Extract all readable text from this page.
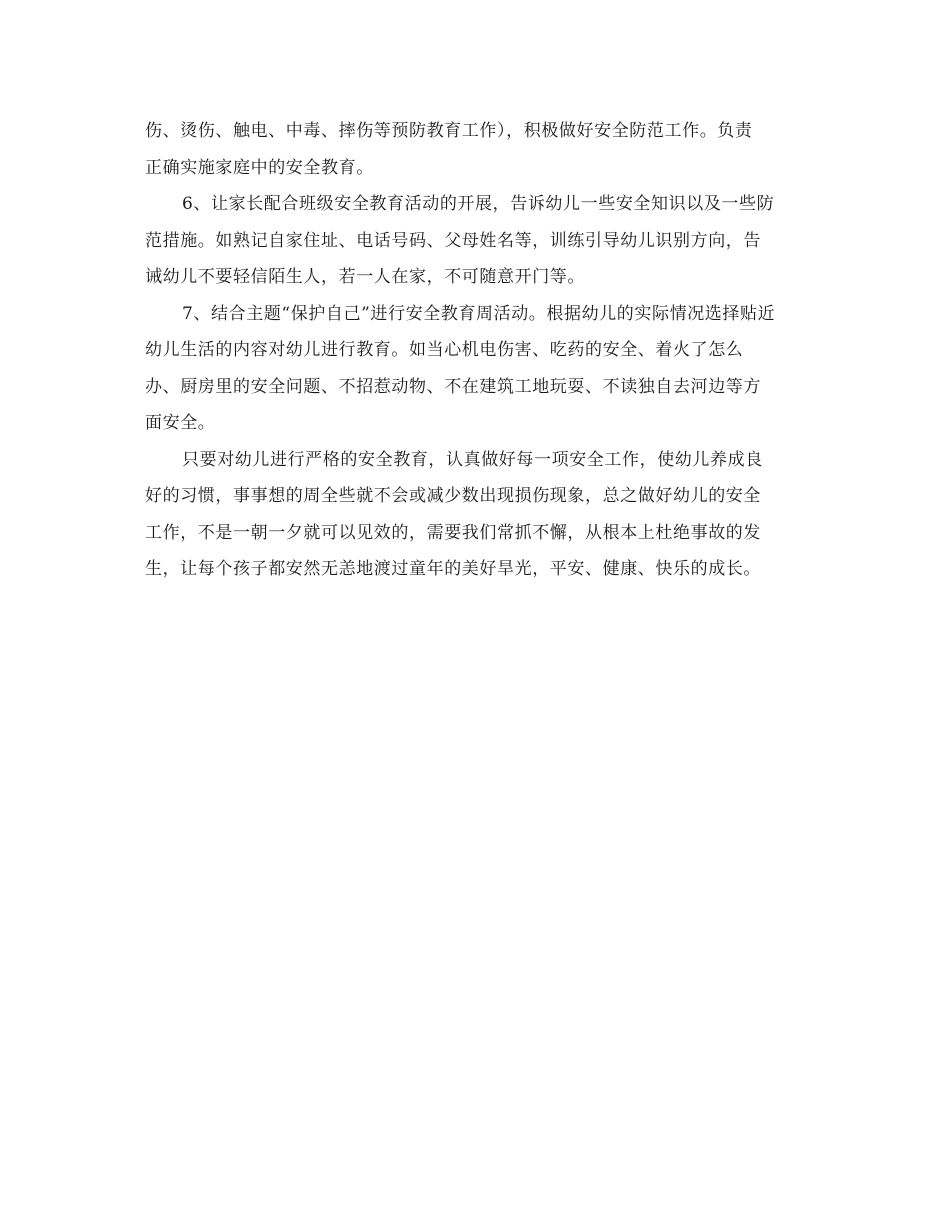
伤、烫伤、触电、中毒、摔伤等预防教育工作），积极做好安全防范工作。负责
正确实施家庭中的安全教育。

6、让家长配合班级安全教育活动的开展，告诉幼儿一些安全知识以及一些防
范措施。如熟记自家住址、电话号码、父母姓名等，训练引导幼儿识别方向，告
诫幼儿不要轻信陌生人，若一人在家，不可随意开门等。

7、结合主题“保护自己”进行安全教育周活动。根据幼儿的实际情况选择贴近
幼儿生活的内容对幼儿进行教育。如当心机电伤害、吃药的安全、着火了怎么
办、厨房里的安全问题、不招惹动物、不在建筑工地玩耍、不读独自去河边等方
面安全。

只要对幼儿进行严格的安全教育，认真做好每一项安全工作，使幼儿养成良
好的习惯，事事想的周全些就不会或减少数出现损伤现象，总之做好幼儿的安全
工作，不是一朝一夕就可以见效的，需要我们常抓不懈，从根本上杜绝事故的发
生，让每个孩子都安然无恙地渡过童年的美好旱光，平安、健康、快乐的成长。
